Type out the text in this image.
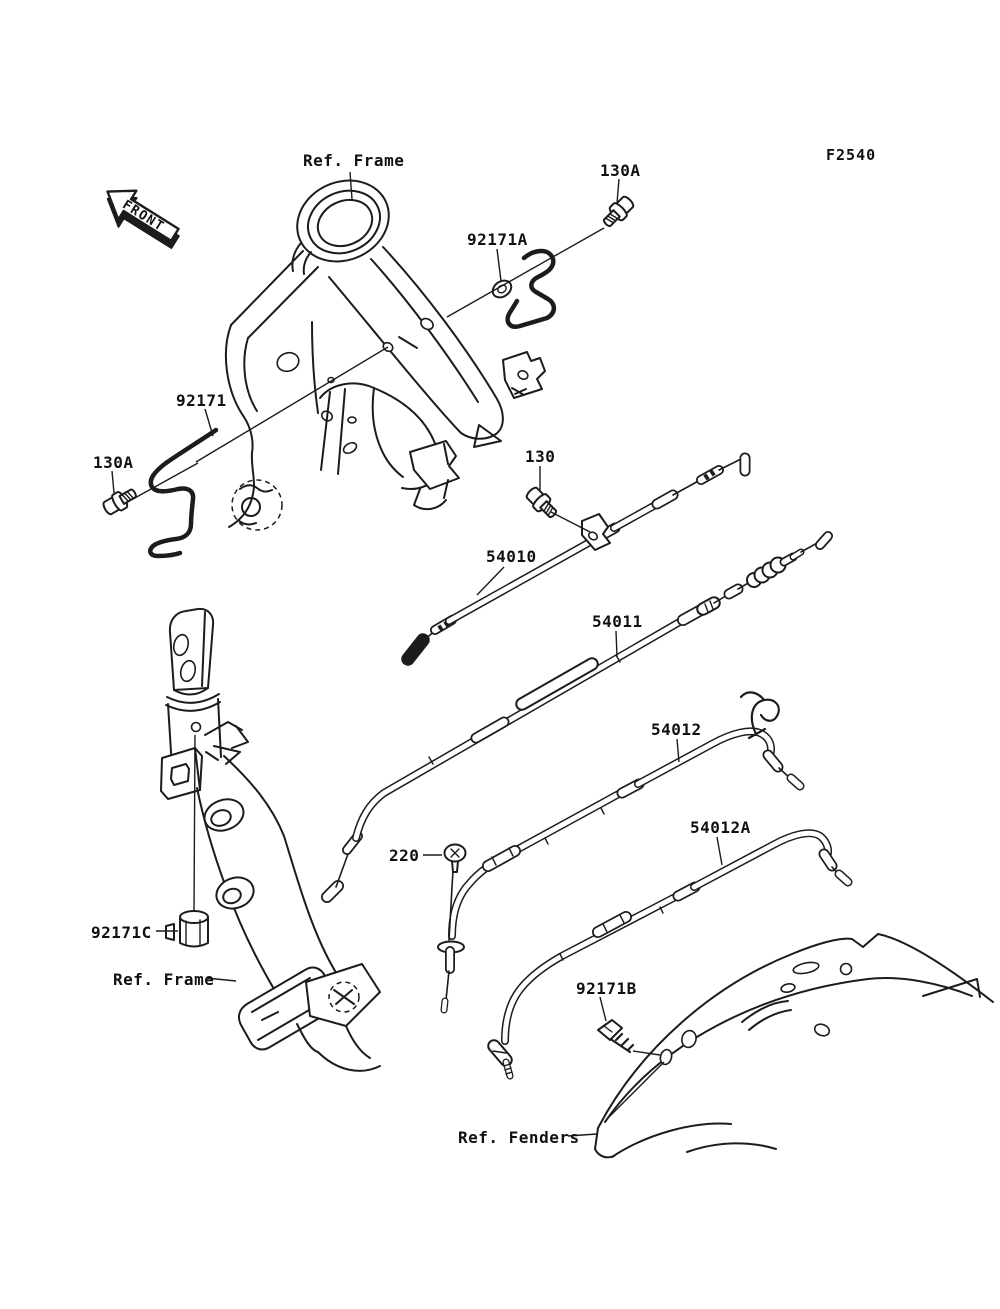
FRONT
Ref. Frame	F2540
130A
92171A
92171
130A	130
54010
54011
54012
54012A
220
92171C
Ref. Frame	92171B
Ref. Fenders
